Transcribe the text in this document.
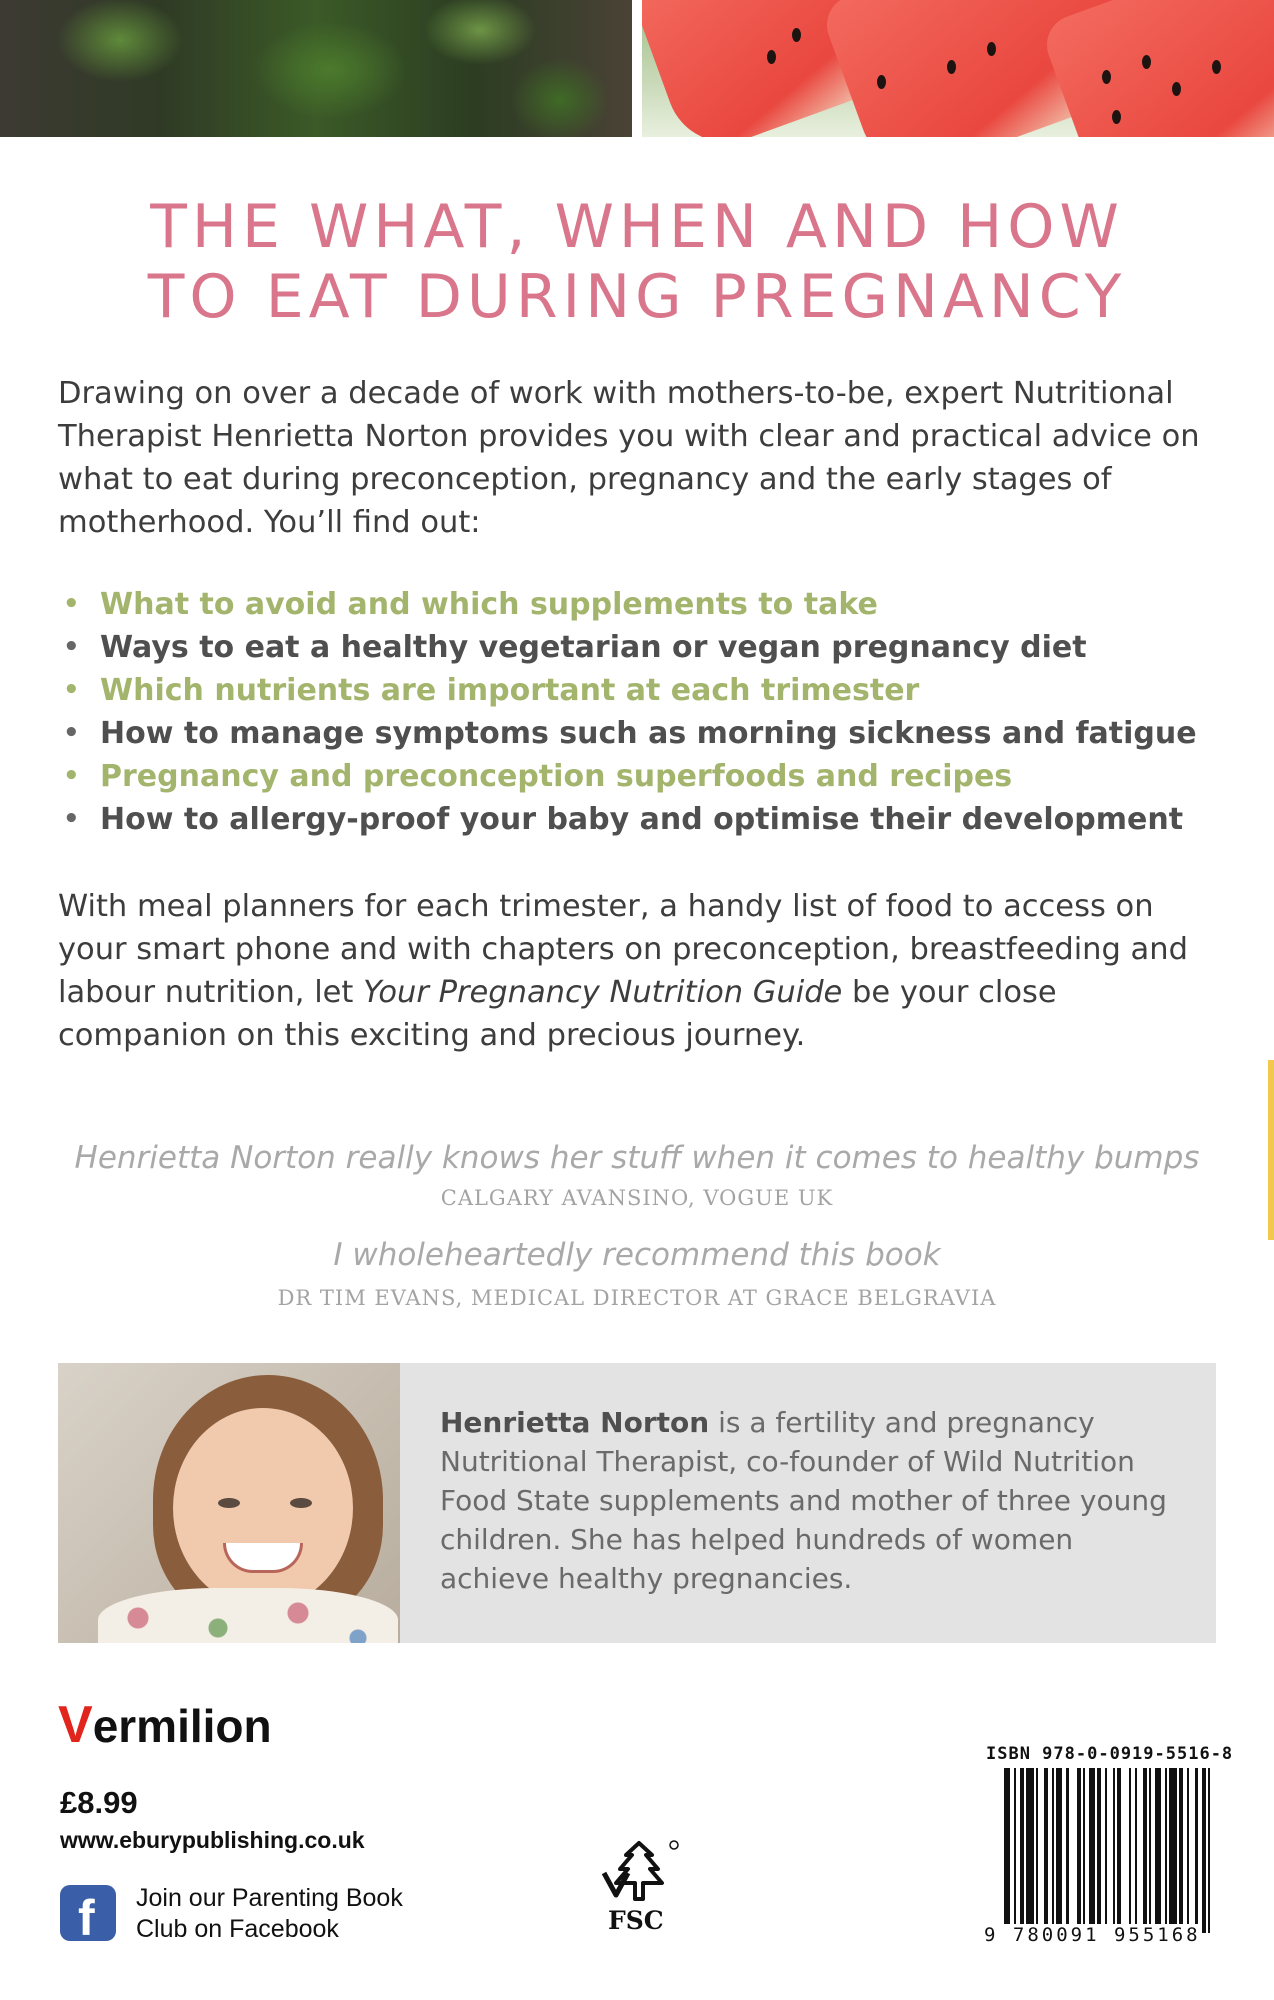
THE WHAT, WHEN AND HOW
TO EAT DURING PREGNANCY

Drawing on over a decade of work with mothers-to-be, expert Nutritional Therapist Henrietta Norton provides you with clear and practical advice on what to eat during preconception, pregnancy and the early stages of motherhood. You’ll find out:

• What to avoid and which supplements to take
• Ways to eat a healthy vegetarian or vegan pregnancy diet
• Which nutrients are important at each trimester
• How to manage symptoms such as morning sickness and fatigue
• Pregnancy and preconception superfoods and recipes
• How to allergy-proof your baby and optimise their development

With meal planners for each trimester, a handy list of food to access on your smart phone and with chapters on preconception, breastfeeding and labour nutrition, let Your Pregnancy Nutrition Guide be your close companion on this exciting and precious journey.

Henrietta Norton really knows her stuff when it comes to healthy bumps
CALGARY AVANSINO, VOGUE UK
I wholeheartedly recommend this book
DR TIM EVANS, MEDICAL DIRECTOR AT GRACE BELGRAVIA

Henrietta Norton is a fertility and pregnancy Nutritional Therapist, co-founder of Wild Nutrition Food State supplements and mother of three young children. She has helped hundreds of women achieve healthy pregnancies.

Vermilion
£8.99
www.eburypublishing.co.uk
f Join our Parenting Book
Club on Facebook	FSC
ISBN 978-0-0919-5516-8
9 780091 955168
